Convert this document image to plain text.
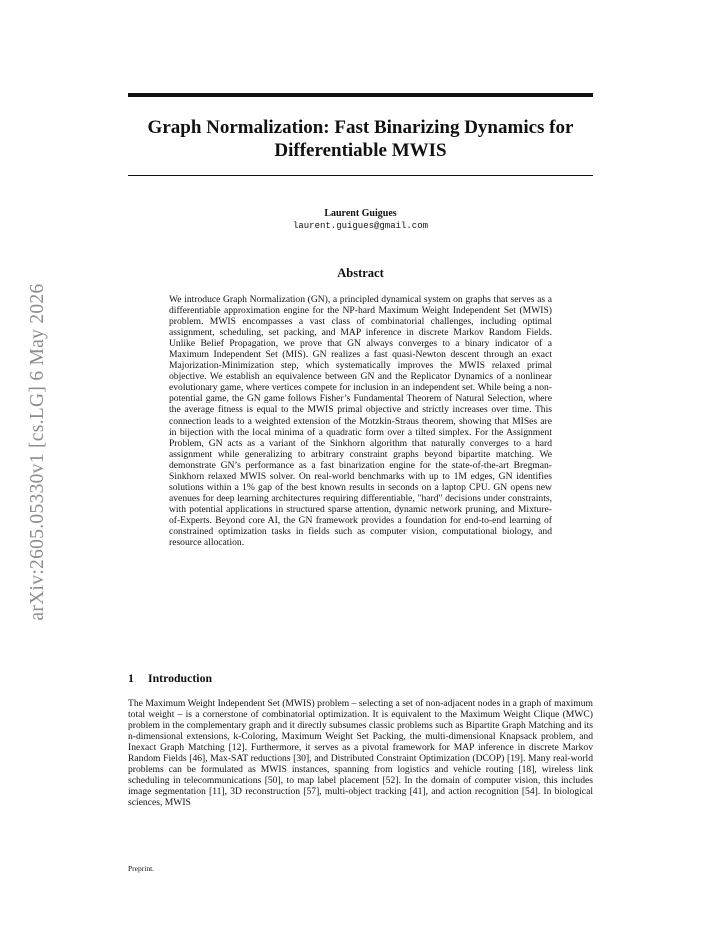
arXiv:2605.05330v1 [cs.LG] 6 May 2026
Graph Normalization: Fast Binarizing Dynamics for Differentiable MWIS
Laurent Guigues
laurent.guigues@gmail.com
Abstract

We introduce Graph Normalization (GN), a principled dynamical system on graphs that serves as a differentiable approximation engine for the NP-hard Maximum Weight Independent Set (MWIS) problem. MWIS encompasses a vast class of combinatorial challenges, including optimal assignment, scheduling, set packing, and MAP inference in discrete Markov Random Fields. Unlike Belief Propagation, we prove that GN always converges to a binary indicator of a Maximum Independent Set (MIS). GN realizes a fast quasi-Newton descent through an exact Majorization-Minimization step, which systematically improves the MWIS relaxed primal objective. We establish an equivalence between GN and the Replicator Dynamics of a nonlinear evolutionary game, where vertices compete for inclusion in an independent set. While being a non-potential game, the GN game follows Fisher’s Fundamental Theorem of Natural Selection, where the average fitness is equal to the MWIS primal objective and strictly increases over time. This connection leads to a weighted extension of the Motzkin-Straus theorem, showing that MISes are in bijection with the local minima of a quadratic form over a tilted simplex. For the Assignment Problem, GN acts as a variant of the Sinkhorn algorithm that naturally converges to a hard assignment while generalizing to arbitrary constraint graphs beyond bipartite matching. We demonstrate GN’s performance as a fast binarization engine for the state-of-the-art Bregman-Sinkhorn relaxed MWIS solver. On real-world benchmarks with up to 1M edges, GN identifies solutions within a 1% gap of the best known results in seconds on a laptop CPU. GN opens new avenues for deep learning architectures requiring differentiable, "hard" decisions under constraints, with potential applications in structured sparse attention, dynamic network pruning, and Mixture-of-Experts. Beyond core AI, the GN framework provides a foundation for end-to-end learning of constrained optimization tasks in fields such as computer vision, computational biology, and resource allocation.

1 Introduction

The Maximum Weight Independent Set (MWIS) problem – selecting a set of non-adjacent nodes in a graph of maximum total weight – is a cornerstone of combinatorial optimization. It is equivalent to the Maximum Weight Clique (MWC) problem in the complementary graph and it directly subsumes classic problems such as Bipartite Graph Matching and its n-dimensional extensions, k-Coloring, Maximum Weight Set Packing, the multi-dimensional Knapsack problem, and Inexact Graph Matching [12]. Furthermore, it serves as a pivotal framework for MAP inference in discrete Markov Random Fields [46], Max-SAT reductions [30], and Distributed Constraint Optimization (DCOP) [19]. Many real-world problems can be formulated as MWIS instances, spanning from logistics and vehicle routing [18], wireless link scheduling in telecommunications [50], to map label placement [52]. In the domain of computer vision, this includes image segmentation [11], 3D reconstruction [57], multi-object tracking [41], and action recognition [54]. In biological sciences, MWIS

Preprint.
